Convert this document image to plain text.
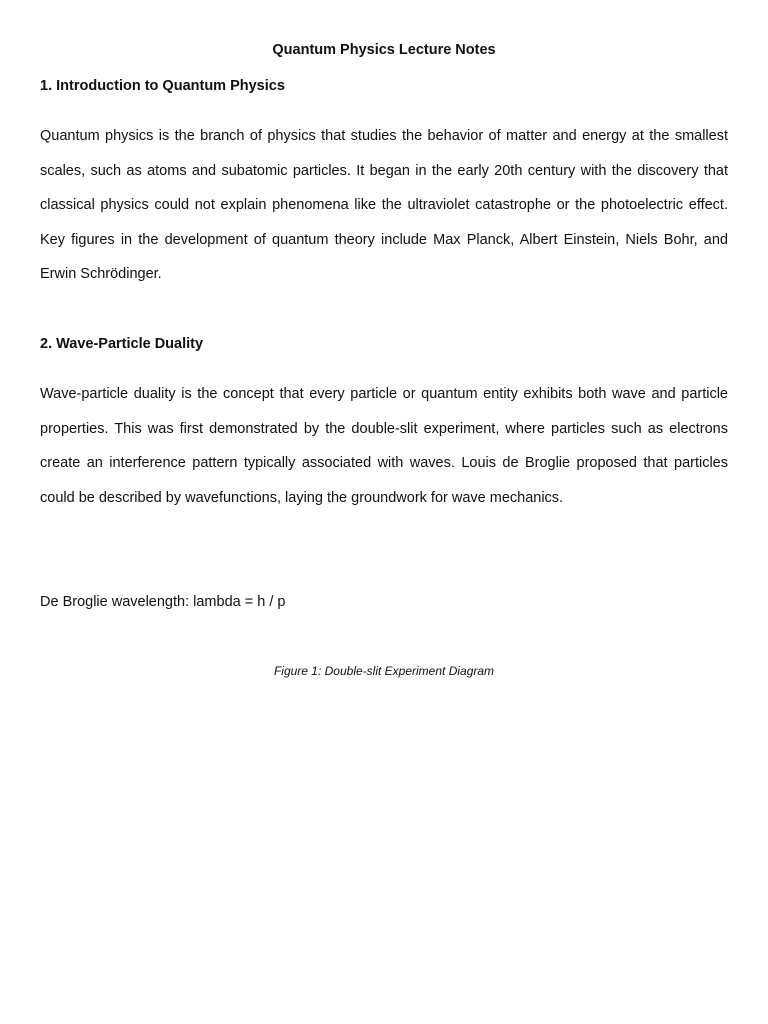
Quantum Physics Lecture Notes
1. Introduction to Quantum Physics

Quantum physics is the branch of physics that studies the behavior of matter and energy at the smallest scales, such as atoms and subatomic particles. It began in the early 20th century with the discovery that classical physics could not explain phenomena like the ultraviolet catastrophe or the photoelectric effect. Key figures in the development of quantum theory include Max Planck, Albert Einstein, Niels Bohr, and Erwin Schrödinger.

2. Wave-Particle Duality

Wave-particle duality is the concept that every particle or quantum entity exhibits both wave and particle properties. This was first demonstrated by the double-slit experiment, where particles such as electrons create an interference pattern typically associated with waves. Louis de Broglie proposed that particles could be described by wavefunctions, laying the groundwork for wave mechanics.

De Broglie wavelength: lambda = h / p

Figure 1: Double-slit Experiment Diagram
